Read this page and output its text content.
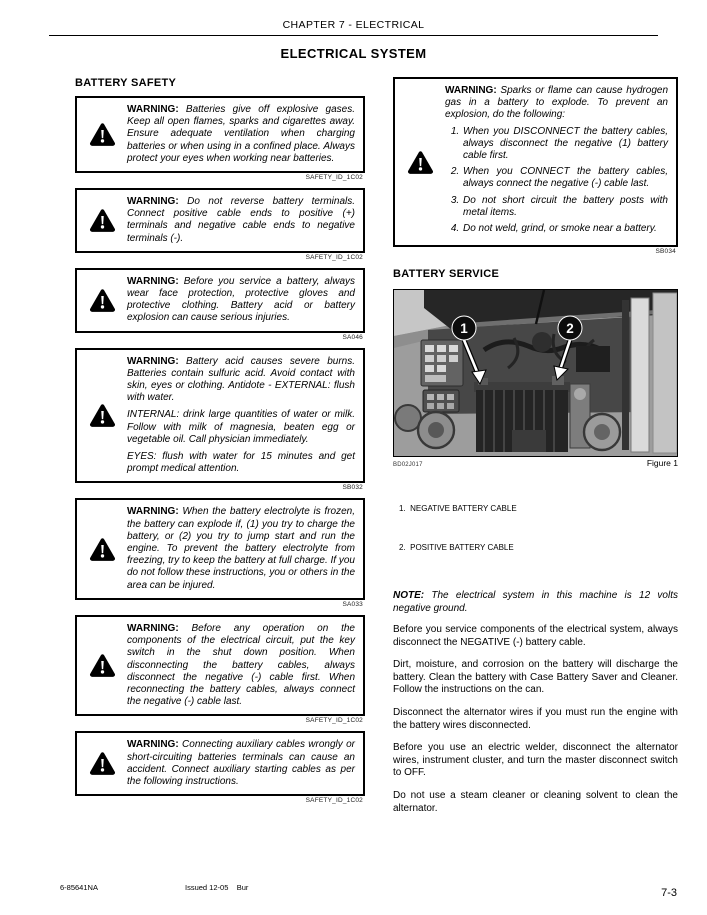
CHAPTER 7 - ELECTRICAL
ELECTRICAL SYSTEM
BATTERY SAFETY
WARNING: Batteries give off explosive gases. Keep all open flames, sparks and cigarettes away. Ensure adequate ventilation when charging batteries or when using in a confined place. Always protect your eyes when working near batteries.
SAFETY_ID_1C02
WARNING: Do not reverse battery terminals. Connect positive cable ends to positive (+) terminals and negative cable ends to negative terminals (-).
SAFETY_ID_1C02
WARNING: Before you service a battery, always wear face protection, protective gloves and protective clothing. Battery acid or battery explosion can cause serious injuries.
SA046
WARNING: Battery acid causes severe burns. Batteries contain sulfuric acid. Avoid contact with skin, eyes or clothing. Antidote - EXTERNAL: flush with water.
INTERNAL: drink large quantities of water or milk. Follow with milk of magnesia, beaten egg or vegetable oil. Call physician immediately.
EYES: flush with water for 15 minutes and get prompt medical attention.
SB032
WARNING: When the battery electrolyte is frozen, the battery can explode if, (1) you try to charge the battery, or (2) you try to jump start and run the engine. To prevent the battery electrolyte from freezing, try to keep the battery at full charge. If you do not follow these instructions, you or others in the area can be injured.
SA033
WARNING: Before any operation on the components of the electrical circuit, put the key switch in the shut down position. When disconnecting the battery cables, always disconnect the negative (-) cable first. When reconnecting the battery cables, always connect the negative (-) cable last.
SAFETY_ID_1C02
WARNING: Connecting auxiliary cables wrongly or short-circuiting batteries terminals can cause an accident. Connect auxiliary starting cables as per the following instructions.
SAFETY_ID_1C02
WARNING: Sparks or flame can cause hydrogen gas in a battery to explode. To prevent an explosion, do the following:
1. When you DISCONNECT the battery cables, always disconnect the negative (1) battery cable first.
2. When you CONNECT the battery cables, always connect the negative (-) cable last.
3. Do not short circuit the battery posts with metal items.
4. Do not weld, grind, or smoke near a battery.
SB034
BATTERY SERVICE
1	2
BD02J017	Figure 1

1.  NEGATIVE BATTERY CABLE

2.  POSITIVE BATTERY CABLE

NOTE: The electrical system in this machine is 12 volts negative ground.

Before you service components of the electrical system, always disconnect the NEGATIVE (-) battery cable.

Dirt, moisture, and corrosion on the battery will discharge the battery. Clean the battery with Case Battery Saver and Cleaner. Follow the instructions on the can.

Disconnect the alternator wires if you must run the engine with the battery wires disconnected.

Before you use an electric welder, disconnect the alternator wires, instrument cluster, and turn the master disconnect switch to OFF.

Do not use a steam cleaner or cleaning solvent to clean the alternator.

6-85641NA	Issued 12-05    Bur	7-3
